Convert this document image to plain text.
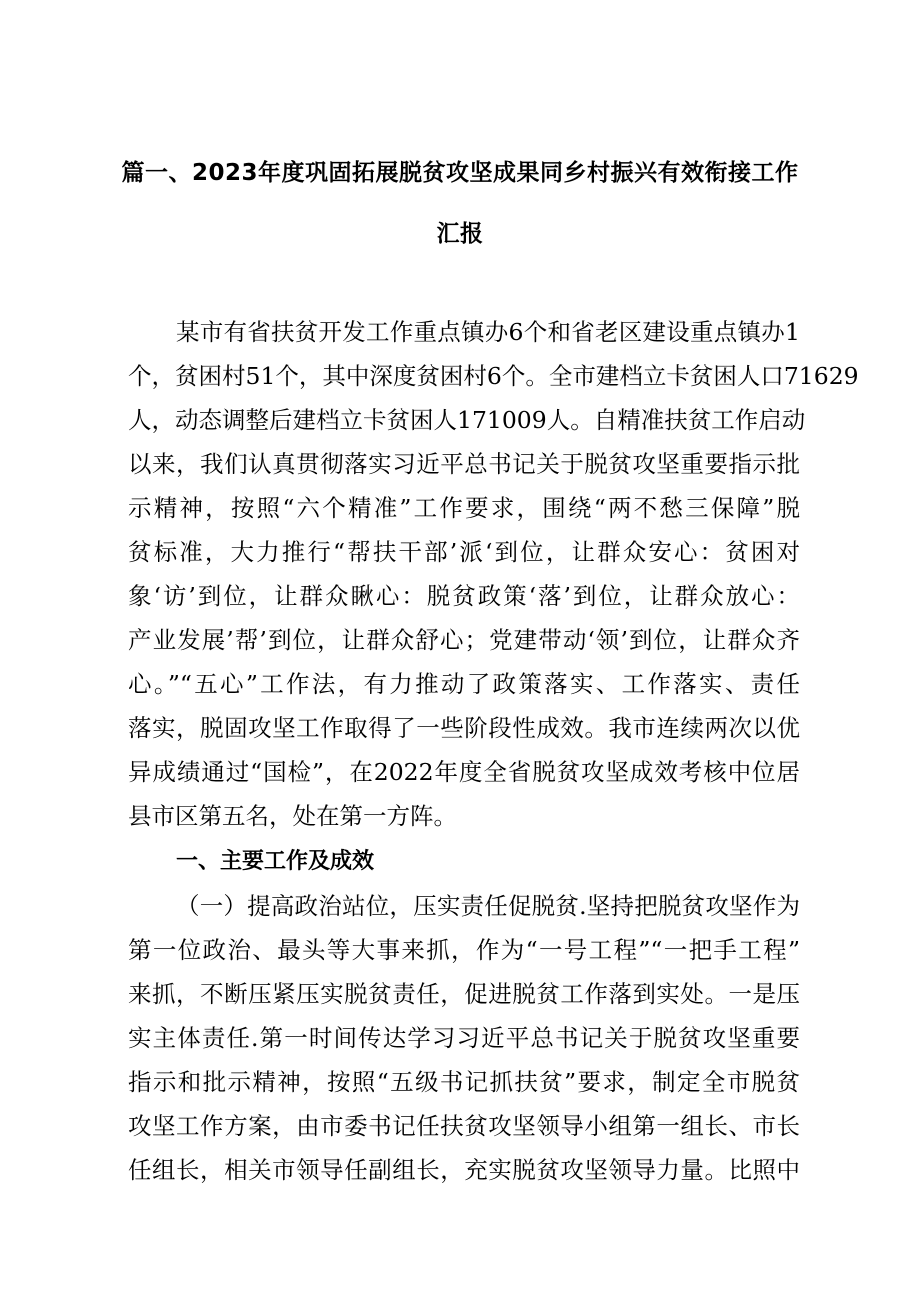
篇一、2023年度巩固拓展脱贫攻坚成果同乡村振兴有效衔接工作
汇报
某市有省扶贫开发工作重点镇办6个和省老区建设重点镇办1
个，贫困村51个，其中深度贫困村6个。全市建档立卡贫困人口71629
人，动态调整后建档立卡贫困人171009人。自精准扶贫工作启动
以来，我们认真贯彻落实习近平总书记关于脱贫攻坚重要指示批
示精神，按照“六个精准”工作要求，围绕“两不愁三保障”脱
贫标准，大力推行“帮扶干部’派‘到位，让群众安心：贫困对
象‘访’到位，让群众瞅心：脱贫政策‘落’到位，让群众放心：
产业发展’帮’到位，让群众舒心；党建带动‘领’到位，让群众齐
心。”“五心”工作法，有力推动了政策落实、工作落实、责任
落实，脱固攻坚工作取得了一些阶段性成效。我市连续两次以优
异成绩通过“国检”，在2022年度全省脱贫攻坚成效考核中位居
县市区第五名，处在第一方阵。
一、主要工作及成效
（一）提高政治站位，压实责任促脱贫.坚持把脱贫攻坚作为
第一位政治、最头等大事来抓，作为“一号工程”“一把手工程”
来抓，不断压紧压实脱贫责任，促进脱贫工作落到实处。一是压
实主体责任.第一时间传达学习习近平总书记关于脱贫攻坚重要
指示和批示精神，按照“五级书记抓扶贫”要求，制定全市脱贫
攻坚工作方案，由市委书记任扶贫攻坚领导小组第一组长、市长
任组长，相关市领导任副组长，充实脱贫攻坚领导力量。比照中
